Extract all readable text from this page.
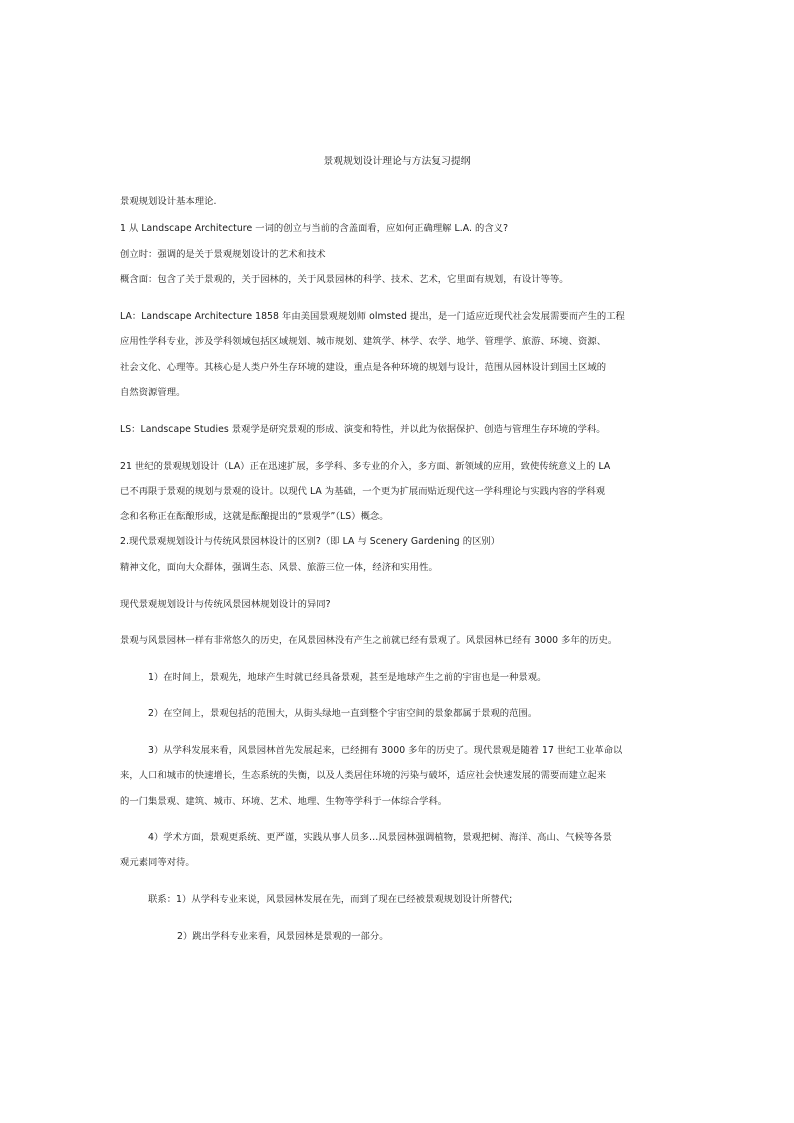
景观规划设计理论与方法复习提纲
景观规划设计基本理论.
1 从 Landscape Architecture 一词的创立与当前的含盖面看，应如何正确理解 L.A. 的含义?
创立时：强调的是关于景观规划设计的艺术和技术
概含面：包含了关于景观的，关于园林的，关于风景园林的科学、技术、艺术，它里面有规划，有设计等等。
LA：Landscape Architecture 1858 年由美国景观规划师 olmsted 提出，是一门适应近现代社会发展需要而产生的工程
应用性学科专业，涉及学科领域包括区域规划、城市规划、建筑学、林学、农学、地学、管理学、旅游、环境、资源、
社会文化、心理等。其核心是人类户外生存环境的建设，重点是各种环境的规划与设计，范围从园林设计到国土区域的
自然资源管理。
LS：Landscape Studies 景观学是研究景观的形成、演变和特性，并以此为依据保护、创造与管理生存环境的学科。
21 世纪的景观规划设计（LA）正在迅速扩展，多学科、多专业的介入，多方面、新领域的应用，致使传统意义上的 LA
已不再限于景观的规划与景观的设计。以现代 LA 为基础，一个更为扩展而贴近现代这一学科理论与实践内容的学科观
念和名称正在酝酿形成，这就是酝酿提出的“景观学”（LS）概念。
2.现代景观规划设计与传统风景园林设计的区别?（即 LA 与 Scenery Gardening 的区别）
精神文化，面向大众群体，强调生态、风景、旅游三位一体，经济和实用性。
现代景观规划设计与传统风景园林规划设计的异同?
景观与风景园林一样有非常悠久的历史，在风景园林没有产生之前就已经有景观了。风景园林已经有 3000 多年的历史。
1）在时间上，景观先，地球产生时就已经具备景观，甚至是地球产生之前的宇宙也是一种景观。
2）在空间上，景观包括的范围大，从街头绿地一直到整个宇宙空间的景象都属于景观的范围。
3）从学科发展来看，风景园林首先发展起来，已经拥有 3000 多年的历史了。现代景观是随着 17 世纪工业革命以
来，人口和城市的快速增长，生态系统的失衡，以及人类居住环境的污染与破坏，适应社会快速发展的需要而建立起来
的一门集景观、建筑、城市、环境、艺术、地理、生物等学科于一体综合学科。
4）学术方面，景观更系统、更严谨，实践从事人员多…风景园林强调植物，景观把树、海洋、高山、气候等各景
观元素同等对待。
联系：1）从学科专业来说，风景园林发展在先，而到了现在已经被景观规划设计所替代;
2）跳出学科专业来看，风景园林是景观的一部分。
